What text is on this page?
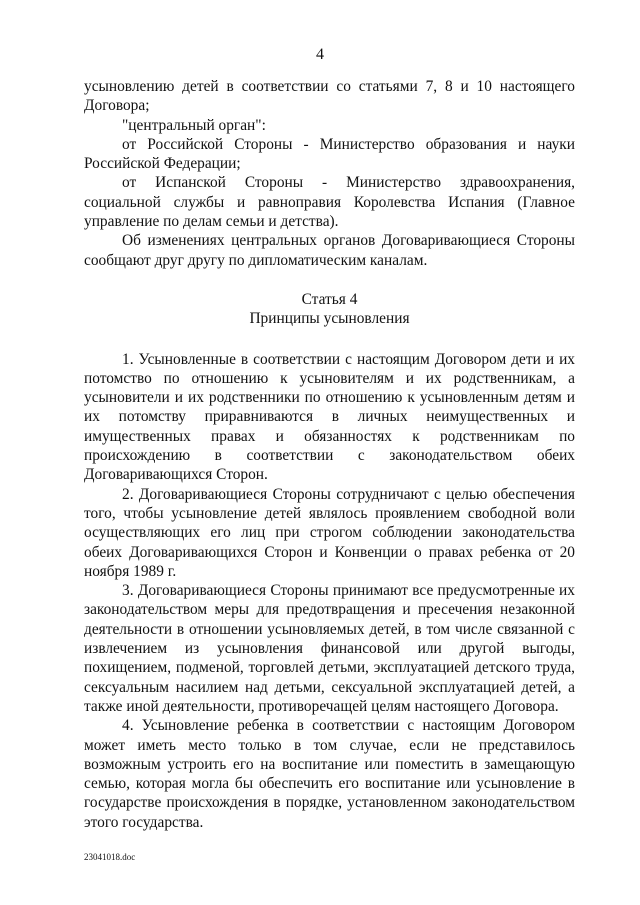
4

усыновлению детей в соответствии со статьями 7, 8 и 10 настоящего Договора;

"центральный орган":

от Российской Стороны - Министерство образования и науки Российской Федерации;

от Испанской Стороны - Министерство здравоохранения, социальной службы и равноправия Королевства Испания (Главное управление по делам семьи и детства).

Об изменениях центральных органов Договаривающиеся Стороны сообщают друг другу по дипломатическим каналам.

Статья 4

Принципы усыновления

1. Усыновленные в соответствии с настоящим Договором дети и их потомство по отношению к усыновителям и их родственникам, а усыновители и их родственники по отношению к усыновленным детям и их потомству приравниваются в личных неимущественных и имущественных правах и обязанностях к родственникам по происхождению в соответствии с законодательством обеих Договаривающихся Сторон.

2. Договаривающиеся Стороны сотрудничают с целью обеспечения того, чтобы усыновление детей являлось проявлением свободной воли осуществляющих его лиц при строгом соблюдении законодательства обеих Договаривающихся Сторон и Конвенции о правах ребенка от 20 ноября 1989 г.

3. Договаривающиеся Стороны принимают все предусмотренные их законодательством меры для предотвращения и пресечения незаконной деятельности в отношении усыновляемых детей, в том числе связанной с извлечением из усыновления финансовой или другой выгоды, похищением, подменой, торговлей детьми, эксплуатацией детского труда, сексуальным насилием над детьми, сексуальной эксплуатацией детей, а также иной деятельности, противоречащей целям настоящего Договора.

4. Усыновление ребенка в соответствии с настоящим Договором может иметь место только в том случае, если не представилось возможным устроить его на воспитание или поместить в замещающую семью, которая могла бы обеспечить его воспитание или усыновление в государстве происхождения в порядке, установленном законодательством этого государства.

23041018.doc
